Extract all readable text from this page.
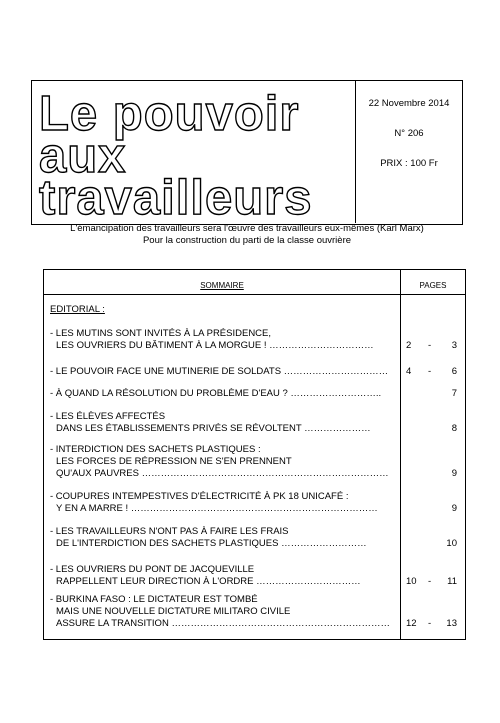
Le pouvoir
aux
travailleurs
22 Novembre 2014
N° 206
PRIX : 100 Fr
L'émancipation des travailleurs sera l'œuvre des travailleurs eux-mêmes (Karl Marx)
Pour la construction du parti de la classe ouvrière
SOMMAIRE	PAGES
EDITORIAL :
- LES MUTINS SONT INVITÉS À LA PRÉSIDENCE,
LES OUVRIERS DU BÂTIMENT À LA MORGUE ! ……………………………	2 - 3
- LE POUVOIR FACE UNE MUTINERIE DE SOLDATS ……………………………	4 - 6
- À QUAND LA RÉSOLUTION DU PROBLÈME D'EAU ? ………………………..	7
- LES ÉLÈVES AFFECTÉS
DANS LES ÉTABLISSEMENTS PRIVÉS SE RÉVOLTENT …………………	8
- INTERDICTION DES SACHETS PLASTIQUES :
LES FORCES DE RÉPRESSION NE S'EN PRENNENT
QU'AUX PAUVRES ……………………………………………………………………	9
- COUPURES INTEMPESTIVES D'ÉLECTRICITÉ À PK 18 UNICAFÉ :
Y EN A MARRE ! ……………………………………………………………………	9
- LES TRAVAILLEURS N'ONT PAS À FAIRE LES FRAIS
DE L'INTERDICTION DES SACHETS PLASTIQUES ………………………	10
- LES OUVRIERS DU PONT DE JACQUEVILLE
RAPPELLENT LEUR DIRECTION À L'ORDRE ……………………………	10 - 11
- BURKINA FASO : LE DICTATEUR EST TOMBÉ
MAIS UNE NOUVELLE DICTATURE MILITARO CIVILE
ASSURE LA TRANSITION ……………………………………………………………	12 - 13
